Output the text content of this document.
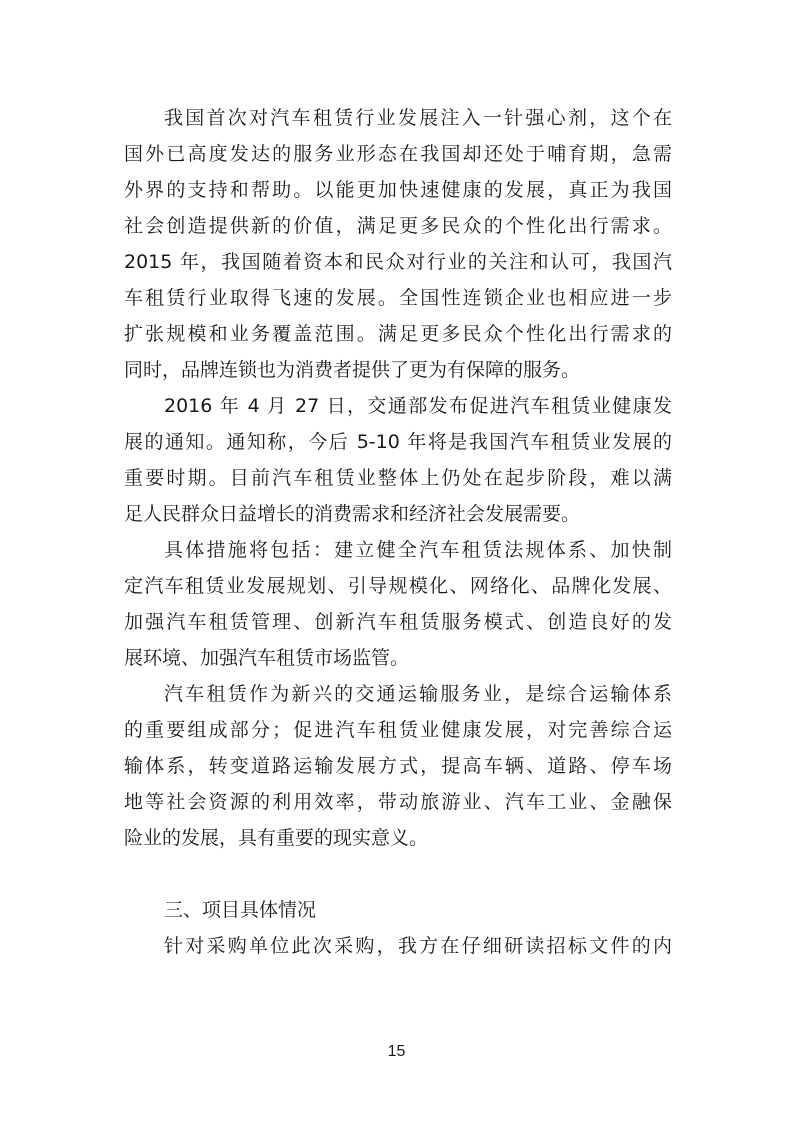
我国首次对汽车租赁行业发展注入一针强心剂，这个在
国外已高度发达的服务业形态在我国却还处于哺育期，急需
外界的支持和帮助。以能更加快速健康的发展，真正为我国
社会创造提供新的价值，满足更多民众的个性化出行需求。
2015 年，我国随着资本和民众对行业的关注和认可，我国汽
车租赁行业取得飞速的发展。全国性连锁企业也相应进一步
扩张规模和业务覆盖范围。满足更多民众个性化出行需求的
同时，品牌连锁也为消费者提供了更为有保障的服务。
2016 年 4 月 27 日，交通部发布促进汽车租赁业健康发
展的通知。通知称，今后 5-10 年将是我国汽车租赁业发展的
重要时期。目前汽车租赁业整体上仍处在起步阶段，难以满
足人民群众日益增长的消费需求和经济社会发展需要。
具体措施将包括：建立健全汽车租赁法规体系、加快制
定汽车租赁业发展规划、引导规模化、网络化、品牌化发展、
加强汽车租赁管理、创新汽车租赁服务模式、创造良好的发
展环境、加强汽车租赁市场监管。
汽车租赁作为新兴的交通运输服务业，是综合运输体系
的重要组成部分；促进汽车租赁业健康发展，对完善综合运
输体系，转变道路运输发展方式，提高车辆、道路、停车场
地等社会资源的利用效率，带动旅游业、汽车工业、金融保
险业的发展，具有重要的现实意义。
三、项目具体情况
针对采购单位此次采购，我方在仔细研读招标文件的内
15
